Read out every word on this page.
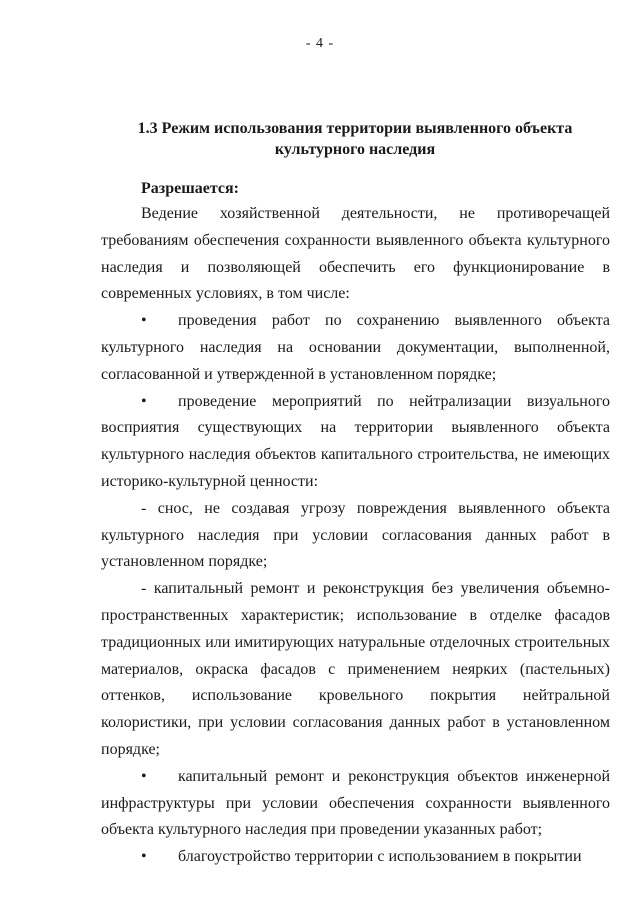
- 4 -
1.3 Режим использования территории выявленного объекта культурного наследия
Разрешается:

Ведение хозяйственной деятельности, не противоречащей требованиям обеспечения сохранности выявленного объекта культурного наследия и позволяющей обеспечить его функционирование в современных условиях, в том числе:

• проведения работ по сохранению выявленного объекта культурного наследия на основании документации, выполненной, согласованной и утвержденной в установленном порядке;

• проведение мероприятий по нейтрализации визуального восприятия существующих на территории выявленного объекта культурного наследия объектов капитального строительства, не имеющих историко-культурной ценности:

- снос, не создавая угрозу повреждения выявленного объекта культурного наследия при условии согласования данных работ в установленном порядке;

- капитальный ремонт и реконструкция без увеличения объемно-пространственных характеристик; использование в отделке фасадов традиционных или имитирующих натуральные отделочных строительных материалов, окраска фасадов с применением неярких (пастельных) оттенков, использование кровельного покрытия нейтральной колористики, при условии согласования данных работ в установленном порядке;

• капитальный ремонт и реконструкция объектов инженерной инфраструктуры при условии обеспечения сохранности выявленного объекта культурного наследия при проведении указанных работ;

• благоустройство территории с использованием в покрытии
